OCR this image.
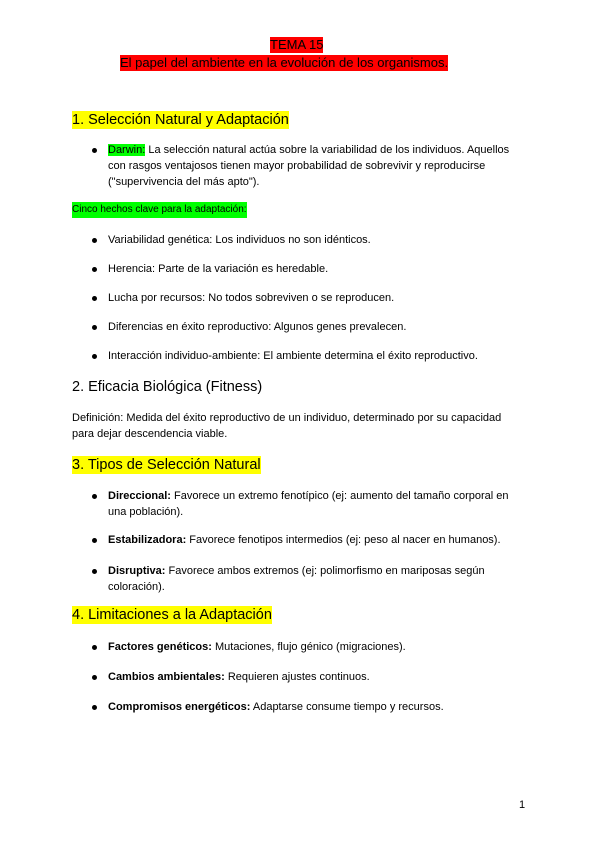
TEMA 15
El papel del ambiente en la evolución de los organismos.
1. Selección Natural y Adaptación
Darwin: La selección natural actúa sobre la variabilidad de los individuos. Aquellos
con rasgos ventajosos tienen mayor probabilidad de sobrevivir y reproducirse
("supervivencia del más apto").
Cinco hechos clave para la adaptación:
Variabilidad genética: Los individuos no son idénticos.
Herencia: Parte de la variación es heredable.
Lucha por recursos: No todos sobreviven o se reproducen.
Diferencias en éxito reproductivo: Algunos genes prevalecen.
Interacción individuo-ambiente: El ambiente determina el éxito reproductivo.
2. Eficacia Biológica (Fitness)
Definición: Medida del éxito reproductivo de un individuo, determinado por su capacidad
para dejar descendencia viable.
3. Tipos de Selección Natural
Direccional: Favorece un extremo fenotípico (ej: aumento del tamaño corporal en
una población).
Estabilizadora: Favorece fenotipos intermedios (ej: peso al nacer en humanos).
Disruptiva: Favorece ambos extremos (ej: polimorfismo en mariposas según
coloración).
4. Limitaciones a la Adaptación
Factores genéticos: Mutaciones, flujo génico (migraciones).
Cambios ambientales: Requieren ajustes continuos.
Compromisos energéticos: Adaptarse consume tiempo y recursos.
1
